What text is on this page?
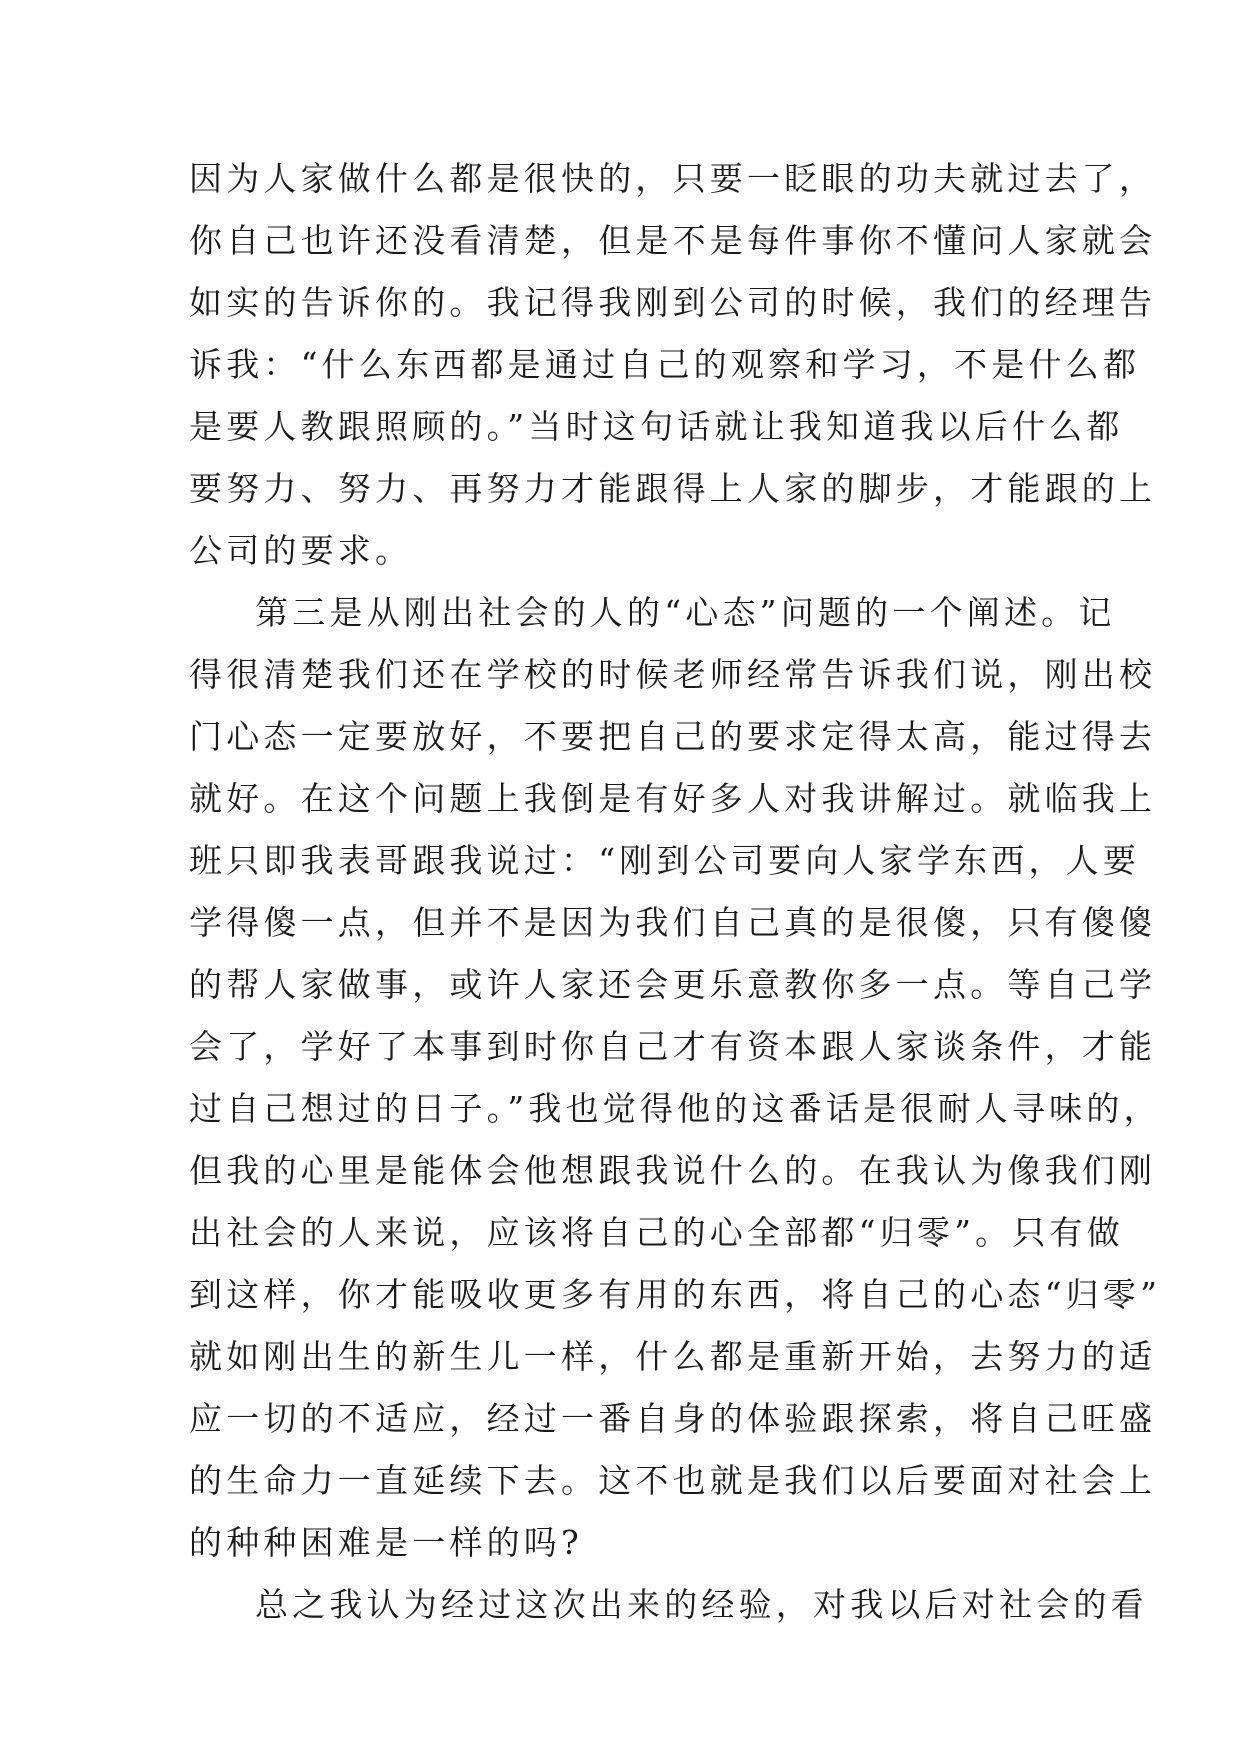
因为人家做什么都是很快的，只要一眨眼的功夫就过去了，
你自己也许还没看清楚，但是不是每件事你不懂问人家就会
如实的告诉你的。我记得我刚到公司的时候，我们的经理告
诉我：“什么东西都是通过自己的观察和学习，不是什么都
是要人教跟照顾的。”当时这句话就让我知道我以后什么都
要努力、努力、再努力才能跟得上人家的脚步，才能跟的上
公司的要求。
第三是从刚出社会的人的“心态”问题的一个阐述。记
得很清楚我们还在学校的时候老师经常告诉我们说，刚出校
门心态一定要放好，不要把自己的要求定得太高，能过得去
就好。在这个问题上我倒是有好多人对我讲解过。就临我上
班只即我表哥跟我说过：“刚到公司要向人家学东西，人要
学得傻一点，但并不是因为我们自己真的是很傻，只有傻傻
的帮人家做事，或许人家还会更乐意教你多一点。等自己学
会了，学好了本事到时你自己才有资本跟人家谈条件，才能
过自己想过的日子。”我也觉得他的这番话是很耐人寻味的，
但我的心里是能体会他想跟我说什么的。在我认为像我们刚
出社会的人来说，应该将自己的心全部都“归零”。只有做
到这样，你才能吸收更多有用的东西，将自己的心态“归零”
就如刚出生的新生儿一样，什么都是重新开始，去努力的适
应一切的不适应，经过一番自身的体验跟探索，将自己旺盛
的生命力一直延续下去。这不也就是我们以后要面对社会上
的种种困难是一样的吗?
总之我认为经过这次出来的经验，对我以后对社会的看
